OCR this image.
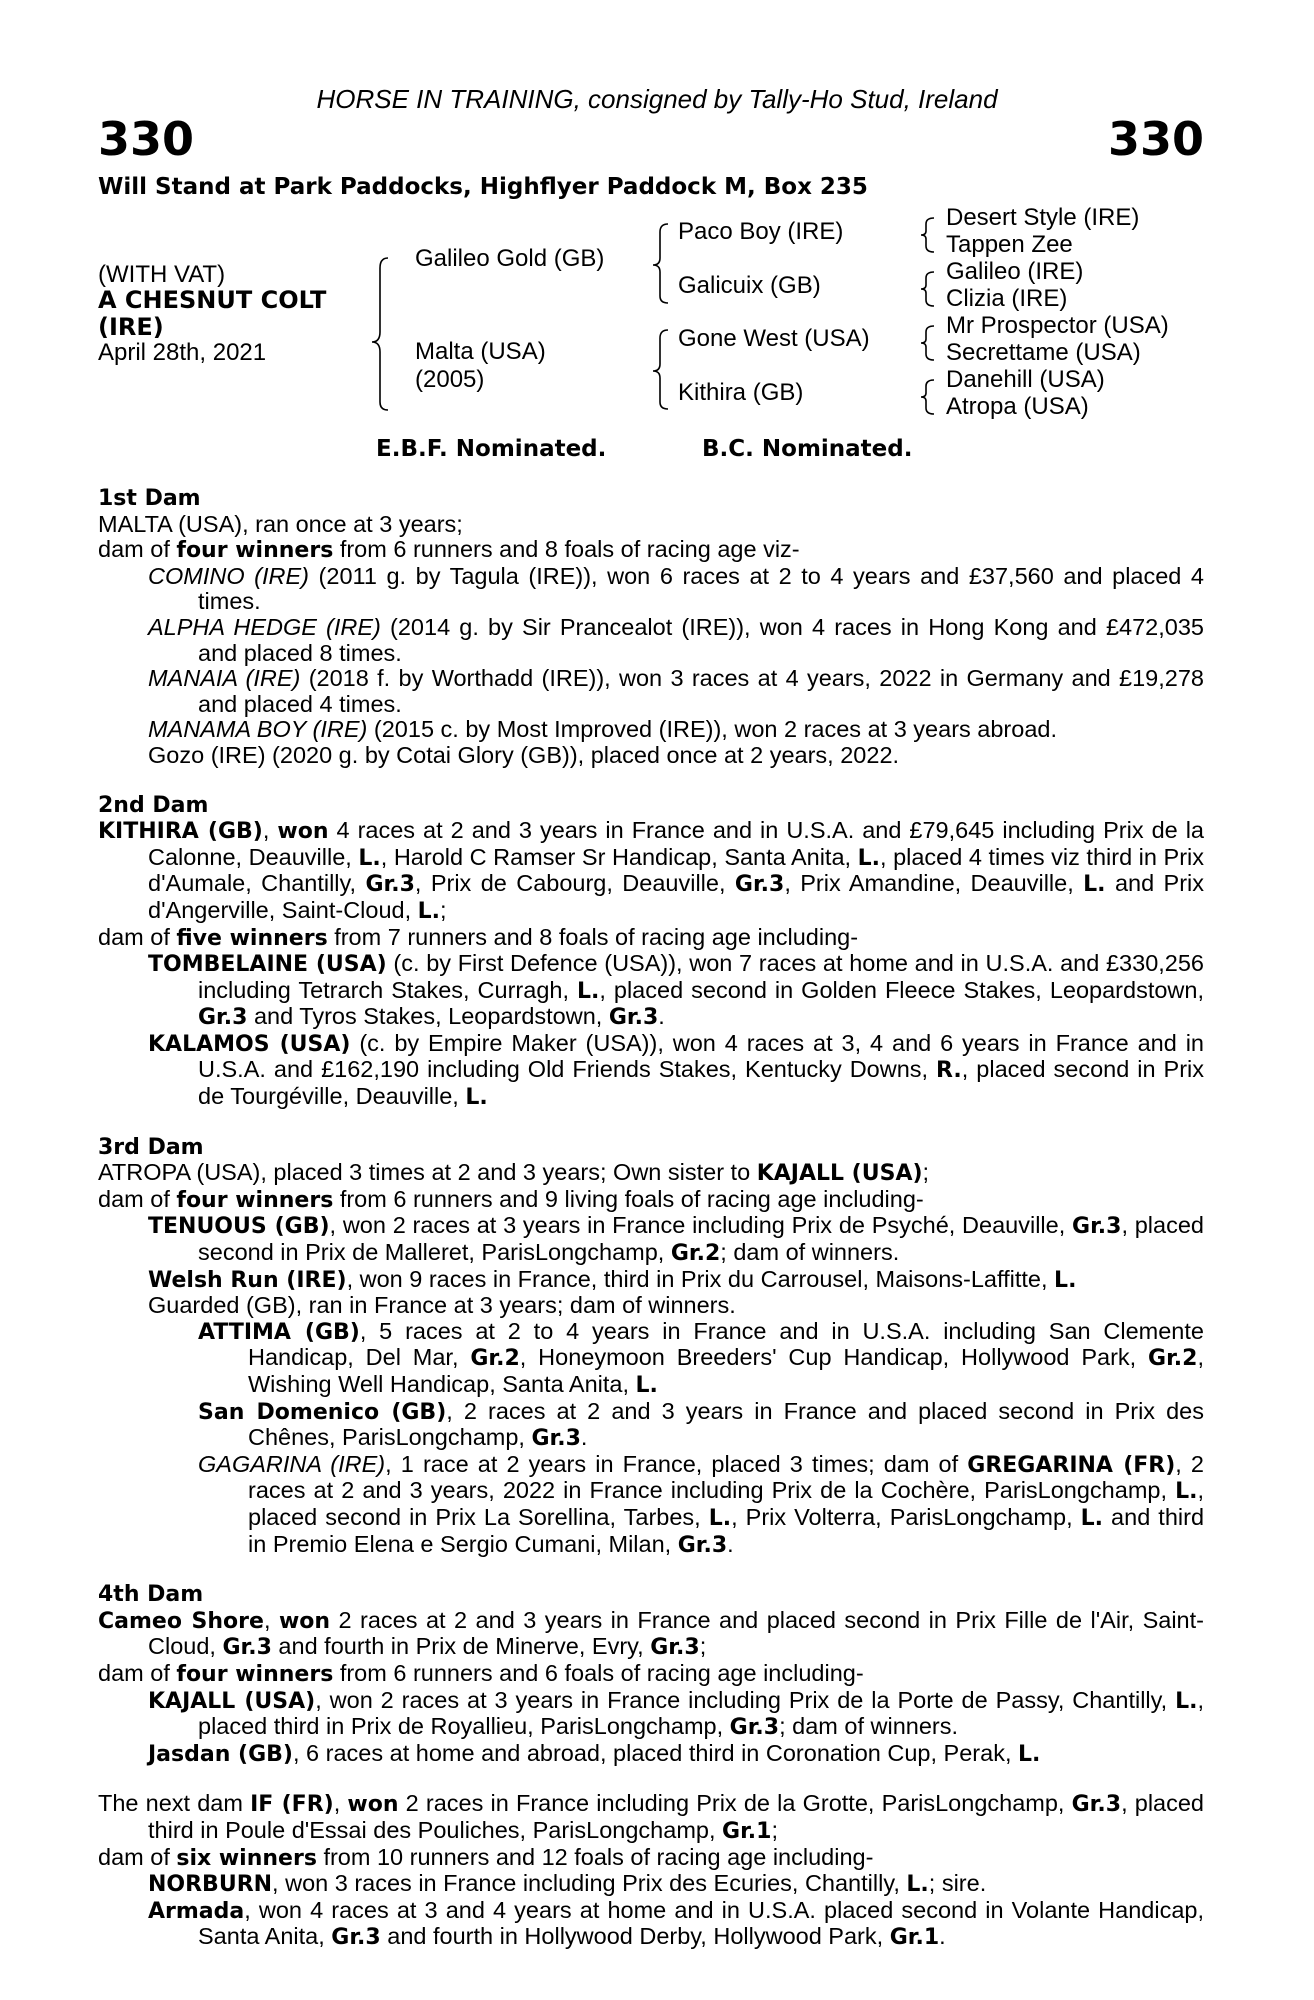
330	330
HORSE IN TRAINING, consigned by Tally-Ho Stud, Ireland
Will Stand at Park Paddocks, Highflyer Paddock M, Box 235
(WITH VAT)
A CHESNUT COLT
(IRE)
April 28th, 2021
Galileo Gold (GB)
Malta (USA)
(2005)
Paco Boy (IRE)
Galicuix (GB)
Gone West (USA)
Kithira (GB)
Desert Style (IRE)
Tappen Zee
Galileo (IRE)
Clizia (IRE)
Mr Prospector (USA)
Secrettame (USA)
Danehill (USA)
Atropa (USA)
E.B.F. Nominated.	B.C. Nominated.
1st Dam

MALTA (USA), ran once at 3 years;

dam of four winners from 6 runners and 8 foals of racing age viz-

COMINO (IRE) (2011 g. by Tagula (IRE)), won 6 races at 2 to 4 years and £37,560 and placed 4 times.

ALPHA HEDGE (IRE) (2014 g. by Sir Prancealot (IRE)), won 4 races in Hong Kong and £472,035 and placed 8 times.

MANAIA (IRE) (2018 f. by Worthadd (IRE)), won 3 races at 4 years, 2022 in Germany and £19,278 and placed 4 times.

MANAMA BOY (IRE) (2015 c. by Most Improved (IRE)), won 2 races at 3 years abroad.

Gozo (IRE) (2020 g. by Cotai Glory (GB)), placed once at 2 years, 2022.

2nd Dam

KITHIRA (GB), won 4 races at 2 and 3 years in France and in U.S.A. and £79,645 including Prix de la Calonne, Deauville, L., Harold C Ramser Sr Handicap, Santa Anita, L., placed 4 times viz third in Prix d'Aumale, Chantilly, Gr.3, Prix de Cabourg, Deauville, Gr.3, Prix Amandine, Deauville, L. and Prix d'Angerville, Saint-Cloud, L.;

dam of five winners from 7 runners and 8 foals of racing age including-

TOMBELAINE (USA) (c. by First Defence (USA)), won 7 races at home and in U.S.A. and £330,256 including Tetrarch Stakes, Curragh, L., placed second in Golden Fleece Stakes, Leopardstown, Gr.3 and Tyros Stakes, Leopardstown, Gr.3.

KALAMOS (USA) (c. by Empire Maker (USA)), won 4 races at 3, 4 and 6 years in France and in U.S.A. and £162,190 including Old Friends Stakes, Kentucky Downs, R., placed second in Prix de Tourgéville, Deauville, L.

3rd Dam

ATROPA (USA), placed 3 times at 2 and 3 years; Own sister to KAJALL (USA);

dam of four winners from 6 runners and 9 living foals of racing age including-

TENUOUS (GB), won 2 races at 3 years in France including Prix de Psyché, Deauville, Gr.3, placed second in Prix de Malleret, ParisLongchamp, Gr.2; dam of winners.

Welsh Run (IRE), won 9 races in France, third in Prix du Carrousel, Maisons-Laffitte, L.

Guarded (GB), ran in France at 3 years; dam of winners.

ATTIMA (GB), 5 races at 2 to 4 years in France and in U.S.A. including San Clemente Handicap, Del Mar, Gr.2, Honeymoon Breeders' Cup Handicap, Hollywood Park, Gr.2, Wishing Well Handicap, Santa Anita, L.

San Domenico (GB), 2 races at 2 and 3 years in France and placed second in Prix des Chênes, ParisLongchamp, Gr.3.

GAGARINA (IRE), 1 race at 2 years in France, placed 3 times; dam of GREGARINA (FR), 2 races at 2 and 3 years, 2022 in France including Prix de la Cochère, ParisLongchamp, L., placed second in Prix La Sorellina, Tarbes, L., Prix Volterra, ParisLongchamp, L. and third in Premio Elena e Sergio Cumani, Milan, Gr.3.

4th Dam

Cameo Shore, won 2 races at 2 and 3 years in France and placed second in Prix Fille de l'Air, Saint-Cloud, Gr.3 and fourth in Prix de Minerve, Evry, Gr.3;

dam of four winners from 6 runners and 6 foals of racing age including-

KAJALL (USA), won 2 races at 3 years in France including Prix de la Porte de Passy, Chantilly, L., placed third in Prix de Royallieu, ParisLongchamp, Gr.3; dam of winners.

Jasdan (GB), 6 races at home and abroad, placed third in Coronation Cup, Perak, L.

The next dam IF (FR), won 2 races in France including Prix de la Grotte, ParisLongchamp, Gr.3, placed third in Poule d'Essai des Pouliches, ParisLongchamp, Gr.1;

dam of six winners from 10 runners and 12 foals of racing age including-

NORBURN, won 3 races in France including Prix des Ecuries, Chantilly, L.; sire.

Armada, won 4 races at 3 and 4 years at home and in U.S.A. placed second in Volante Handicap, Santa Anita, Gr.3 and fourth in Hollywood Derby, Hollywood Park, Gr.1.
